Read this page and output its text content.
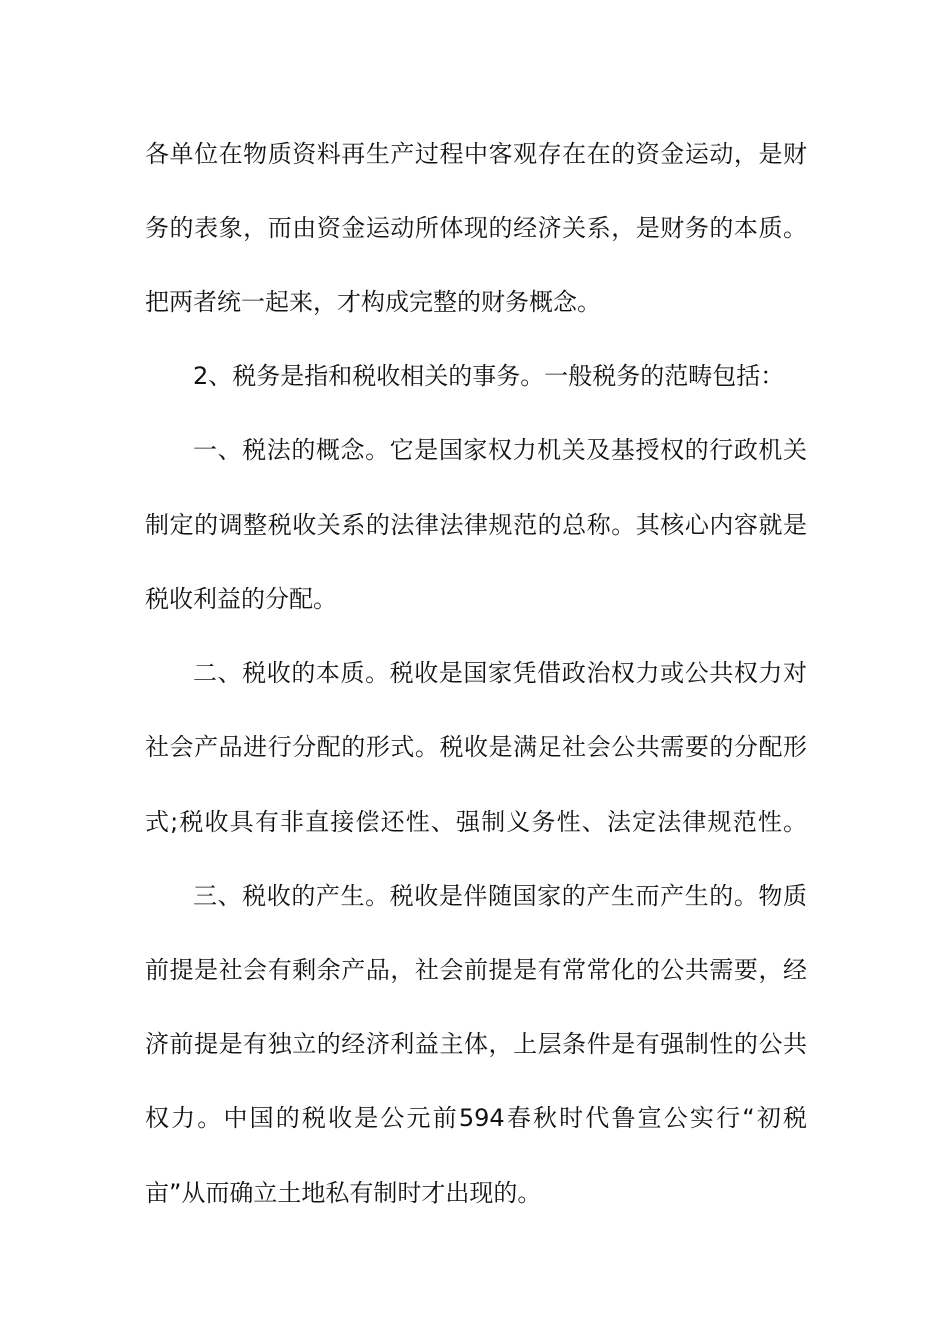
各单位在物质资料再生产过程中客观存在在的资金运动，是财
务的表象，而由资金运动所体现的经济关系，是财务的本质。
把两者统一起来，才构成完整的财务概念。
2、税务是指和税收相关的事务。一般税务的范畴包括：
一、税法的概念。它是国家权力机关及基授权的行政机关
制定的调整税收关系的法律法律规范的总称。其核心内容就是
税收利益的分配。
二、税收的本质。税收是国家凭借政治权力或公共权力对
社会产品进行分配的形式。税收是满足社会公共需要的分配形
式;税收具有非直接偿还性、强制义务性、法定法律规范性。
三、税收的产生。税收是伴随国家的产生而产生的。物质
前提是社会有剩余产品，社会前提是有常常化的公共需要，经
济前提是有独立的经济利益主体，上层条件是有强制性的公共
权力。中国的税收是公元前594春秋时代鲁宣公实行“初税
亩”从而确立土地私有制时才出现的。
